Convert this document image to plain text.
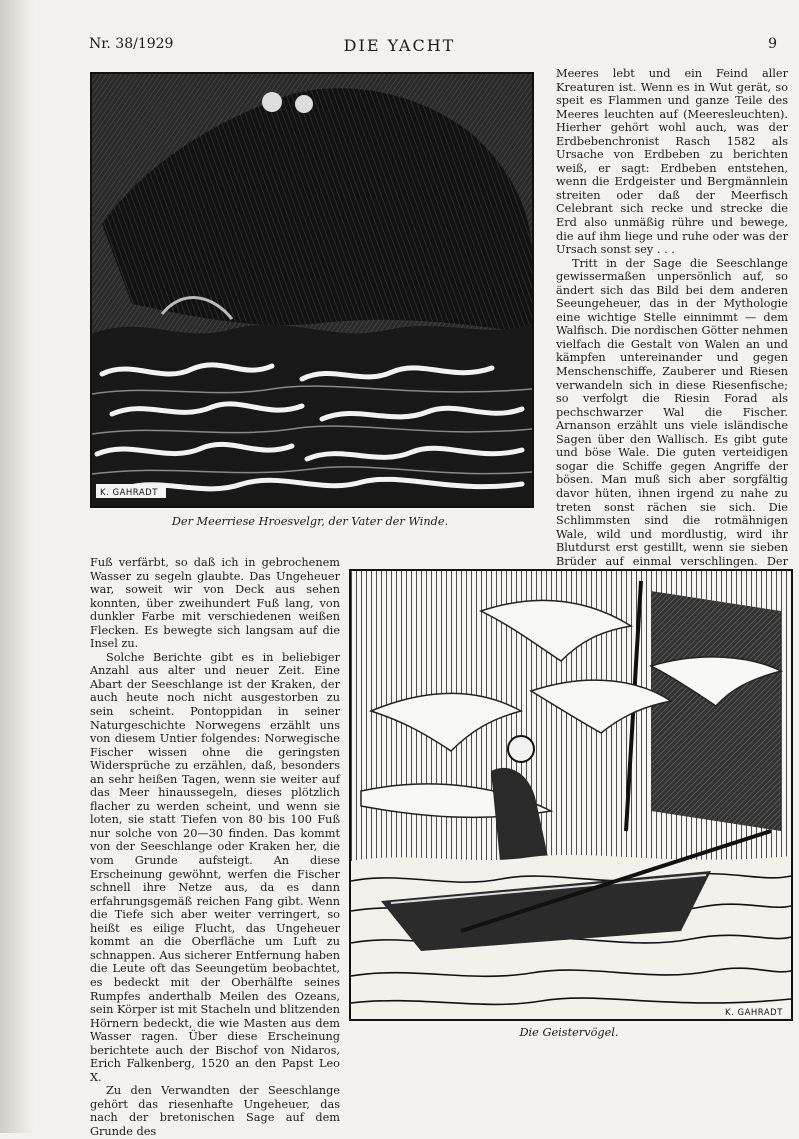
DIE YACHT
Nr. 38/1929	9
K. GAHRADT
Der Meerriese Hroesvelgr, der Vater der Winde.

Meeres lebt und ein Feind aller Kreaturen ist. Wenn es in Wut gerät, so speit es Flammen und ganze Teile des Meeres leuchten auf (Meeresleuchten). Hierher gehört wohl auch, was der Erdbebenchronist Rasch 1582 als Ursache von Erdbeben zu berichten weiß, er sagt: Erdbeben entstehen, wenn die Erdgeister und Bergmännlein streiten oder daß der Meerfisch Celebrant sich recke und strecke die Erd also unmäßig rühre und bewege, die auf ihm liege und ruhe oder was der Ursach sonst sey . . .

Tritt in der Sage die Seeschlange gewissermaßen unpersönlich auf, so ändert sich das Bild bei dem anderen Seeungeheuer, das in der Mythologie eine wichtige Stelle einnimmt — dem Walfisch. Die nordischen Götter nehmen vielfach die Gestalt von Walen an und kämpfen untereinander und gegen Menschenschiffe, Zauberer und Riesen verwandeln sich in diese Riesenfische; so verfolgt die Riesin Forad als pechschwarzer Wal die Fischer. Arnanson erzählt uns viele isländische Sagen über den Wallisch. Es gibt gute und böse Wale. Die guten verteidigen sogar die Schiffe gegen Angriffe der bösen. Man muß sich aber sorgfältig davor hüten, ihnen irgend zu nahe zu treten sonst rächen sie sich. Die Schlimmsten sind die rotmähnigen Wale, wild und mordlustig, wird ihr Blutdurst erst gestillt, wenn sie sieben Brüder auf einmal verschlingen. Der

Fuß verfärbt, so daß ich in gebrochenem Wasser zu segeln glaubte. Das Ungeheuer war, soweit wir von Deck aus sehen konnten, über zweihundert Fuß lang, von dunkler Farbe mit verschiedenen weißen Flecken. Es bewegte sich langsam auf die Insel zu.

Solche Berichte gibt es in beliebiger Anzahl aus alter und neuer Zeit. Eine Abart der Seeschlange ist der Kraken, der auch heute noch nicht ausgestorben zu sein scheint. Pontoppidan in seiner Naturgeschichte Norwegens erzählt uns von diesem Untier folgendes: Norwegische Fischer wissen ohne die geringsten Widersprüche zu erzählen, daß, besonders an sehr heißen Tagen, wenn sie weiter auf das Meer hinaussegeln, dieses plötzlich flacher zu werden scheint, und wenn sie loten, sie statt Tiefen von 80 bis 100 Fuß nur solche von 20—30 finden. Das kommt von der Seeschlange oder Kraken her, die vom Grunde aufsteigt. An diese Erscheinung gewöhnt, werfen die Fischer schnell ihre Netze aus, da es dann erfahrungsgemäß reichen Fang gibt. Wenn die Tiefe sich aber weiter verringert, so heißt es eilige Flucht, das Ungeheuer kommt an die Oberfläche um Luft zu schnappen. Aus sicherer Entfernung haben die Leute oft das Seeungetüm beobachtet, es bedeckt mit der Oberhälfte seines Rumpfes anderthalb Meilen des Ozeans, sein Körper ist mit Stacheln und blitzenden Hörnern bedeckt, die wie Masten aus dem Wasser ragen. Über diese Erscheinung berichtete auch der Bischof von Nidaros, Erich Falkenberg, 1520 an den Papst Leo X.

Zu den Verwandten der Seeschlange gehört das riesenhafte Ungeheuer, das nach der bretonischen Sage auf dem Grunde des

K. GAHRADT
Die Geistervögel.
